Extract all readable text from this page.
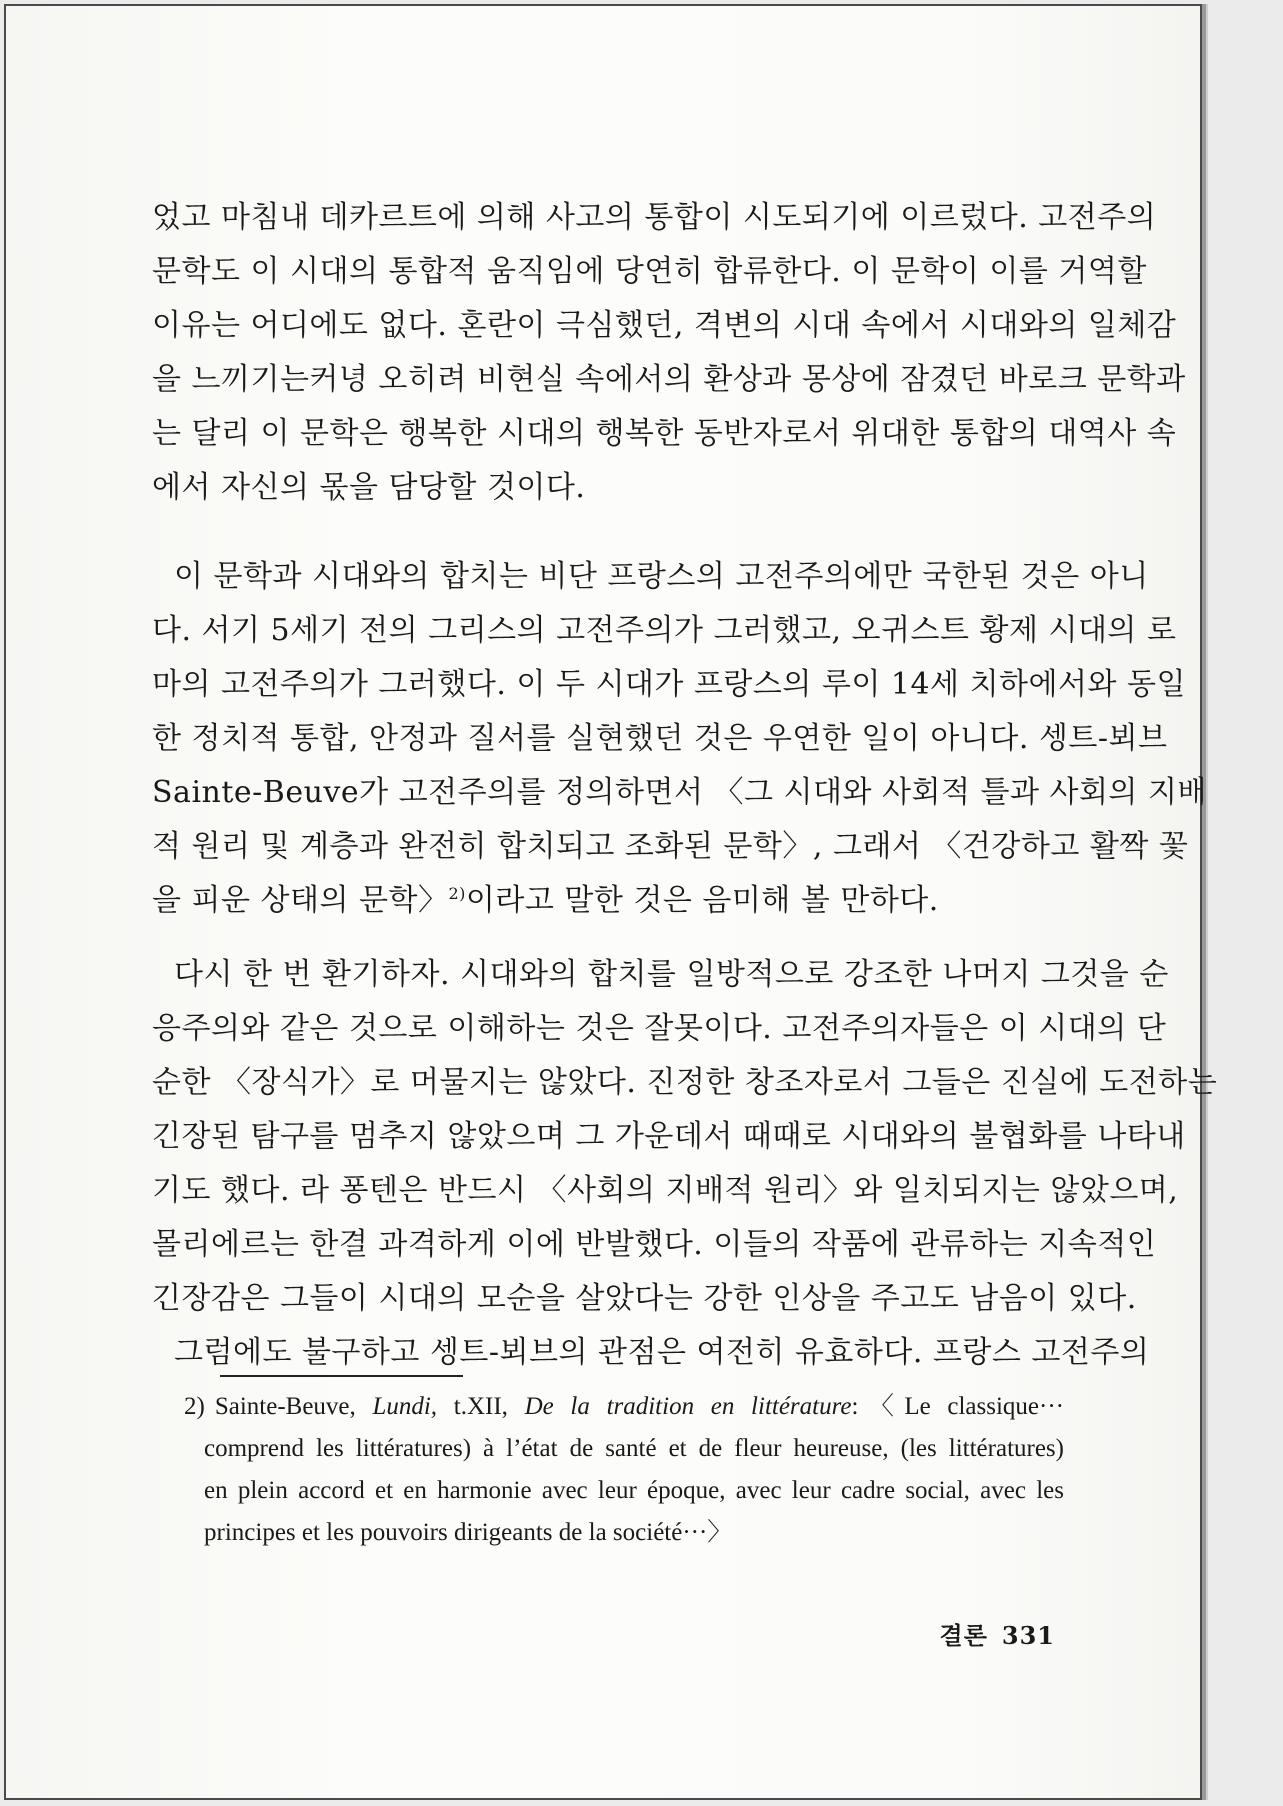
었고 마침내 데카르트에 의해 사고의 통합이 시도되기에 이르렀다. 고전주의
문학도 이 시대의 통합적 움직임에 당연히 합류한다. 이 문학이 이를 거역할
이유는 어디에도 없다. 혼란이 극심했던, 격변의 시대 속에서 시대와의 일체감
을 느끼기는커녕 오히려 비현실 속에서의 환상과 몽상에 잠겼던 바로크 문학과
는 달리 이 문학은 행복한 시대의 행복한 동반자로서 위대한 통합의 대역사 속
에서 자신의 몫을 담당할 것이다.
이 문학과 시대와의 합치는 비단 프랑스의 고전주의에만 국한된 것은 아니
다. 서기 5세기 전의 그리스의 고전주의가 그러했고, 오귀스트 황제 시대의 로
마의 고전주의가 그러했다. 이 두 시대가 프랑스의 루이 14세 치하에서와 동일
한 정치적 통합, 안정과 질서를 실현했던 것은 우연한 일이 아니다. 셍트-뵈브
Sainte-Beuve가 고전주의를 정의하면서 〈그 시대와 사회적 틀과 사회의 지배
적 원리 및 계층과 완전히 합치되고 조화된 문학〉, 그래서 〈건강하고 활짝 꽃
을 피운 상태의 문학〉$^{2)}$이라고 말한 것은 음미해 볼 만하다.
다시 한 번 환기하자. 시대와의 합치를 일방적으로 강조한 나머지 그것을 순
응주의와 같은 것으로 이해하는 것은 잘못이다. 고전주의자들은 이 시대의 단
순한 〈장식가〉로 머물지는 않았다. 진정한 창조자로서 그들은 진실에 도전하는
긴장된 탐구를 멈추지 않았으며 그 가운데서 때때로 시대와의 불협화를 나타내
기도 했다. 라 퐁텐은 반드시 〈사회의 지배적 원리〉와 일치되지는 않았으며,
몰리에르는 한결 과격하게 이에 반발했다. 이들의 작품에 관류하는 지속적인
긴장감은 그들이 시대의 모순을 살았다는 강한 인상을 주고도 남음이 있다.
그럼에도 불구하고 셍트-뵈브의 관점은 여전히 유효하다. 프랑스 고전주의
2) Sainte-Beuve, Lundi, t.XII, De la tradition en littérature:〈Le classique···
comprend les littératures) à l’état de santé et de fleur heureuse, (les littératures)
en plein accord et en harmonie avec leur époque, avec leur cadre social, avec les
principes et les pouvoirs dirigeants de la société···〉
결론 331
